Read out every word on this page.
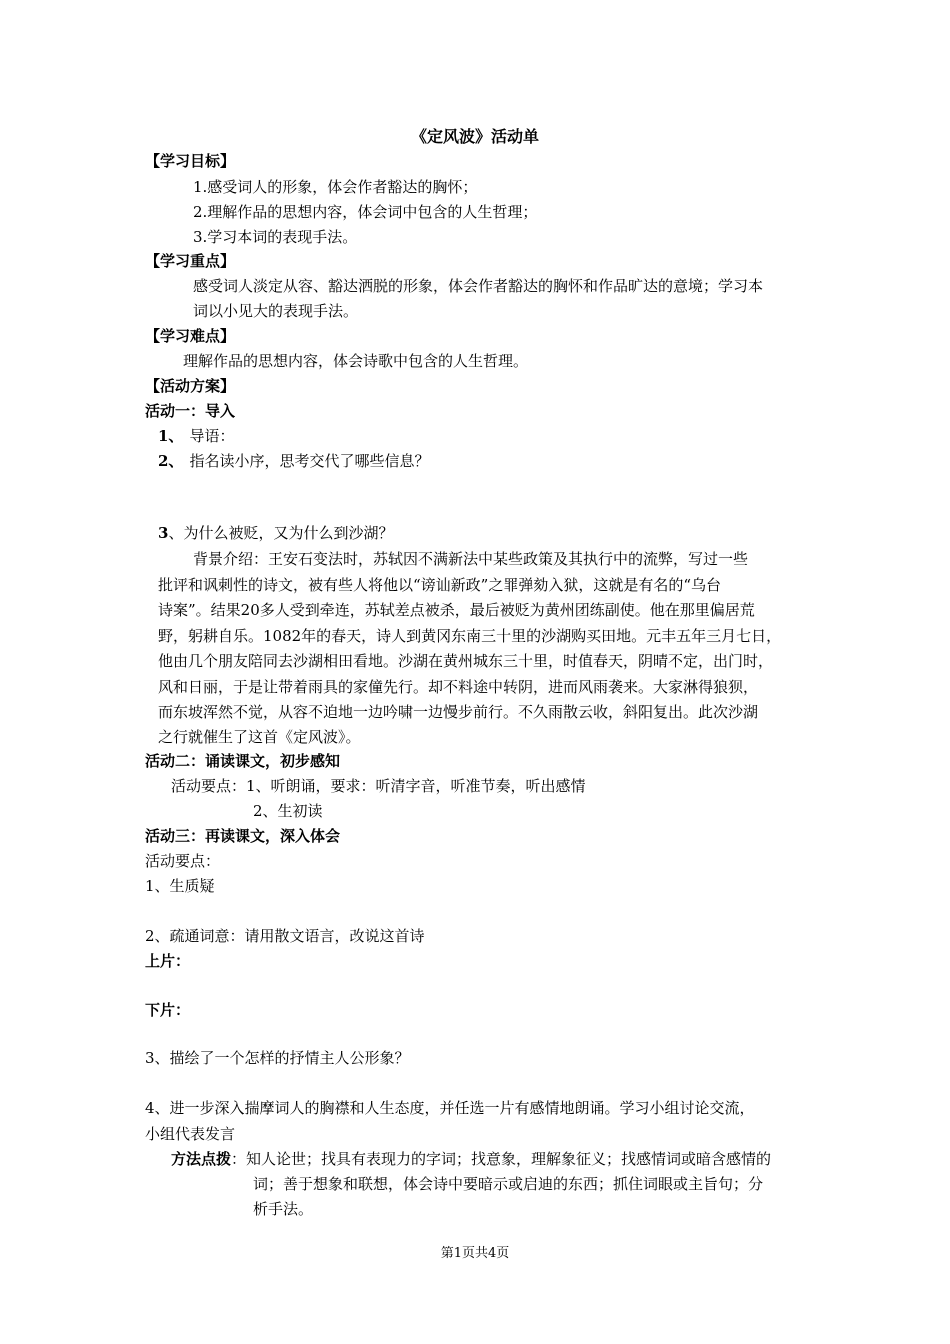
《定风波》活动单
【学习目标】
1.感受词人的形象，体会作者豁达的胸怀；
2.理解作品的思想内容，体会词中包含的人生哲理；
3.学习本词的表现手法。
【学习重点】
感受词人淡定从容、豁达洒脱的形象，体会作者豁达的胸怀和作品旷达的意境；学习本
词以小见大的表现手法。
【学习难点】
理解作品的思想内容，体会诗歌中包含的人生哲理。
【活动方案】
活动一：导入
1、 导语：
2、 指名读小序，思考交代了哪些信息？
3、为什么被贬，又为什么到沙湖？
背景介绍：王安石变法时，苏轼因不满新法中某些政策及其执行中的流弊，写过一些
批评和讽刺性的诗文，被有些人将他以“谤讪新政”之罪弹劾入狱，这就是有名的“乌台
诗案”。结果20多人受到牵连，苏轼差点被杀，最后被贬为黄州团练副使。他在那里偏居荒
野，躬耕自乐。1082年的春天，诗人到黄冈东南三十里的沙湖购买田地。元丰五年三月七日，
他由几个朋友陪同去沙湖相田看地。沙湖在黄州城东三十里，时值春天，阴晴不定，出门时，
风和日丽，于是让带着雨具的家僮先行。却不料途中转阴，进而风雨袭来。大家淋得狼狈，
而东坡浑然不觉，从容不迫地一边吟啸一边慢步前行。不久雨散云收，斜阳复出。此次沙湖
之行就催生了这首《定风波》。
活动二：诵读课文，初步感知
活动要点：1、听朗诵，要求：听清字音，听准节奏，听出感情
2、生初读
活动三：再读课文，深入体会
活动要点：
1、生质疑
2、疏通词意：请用散文语言，改说这首诗
上片：
下片：
3、描绘了一个怎样的抒情主人公形象？
4、进一步深入揣摩词人的胸襟和人生态度，并任选一片有感情地朗诵。学习小组讨论交流，
小组代表发言
方法点拨：知人论世；找具有表现力的字词；找意象，理解象征义；找感情词或暗含感情的
词；善于想象和联想，体会诗中要暗示或启迪的东西；抓住词眼或主旨句；分
析手法。
第1页共4页
